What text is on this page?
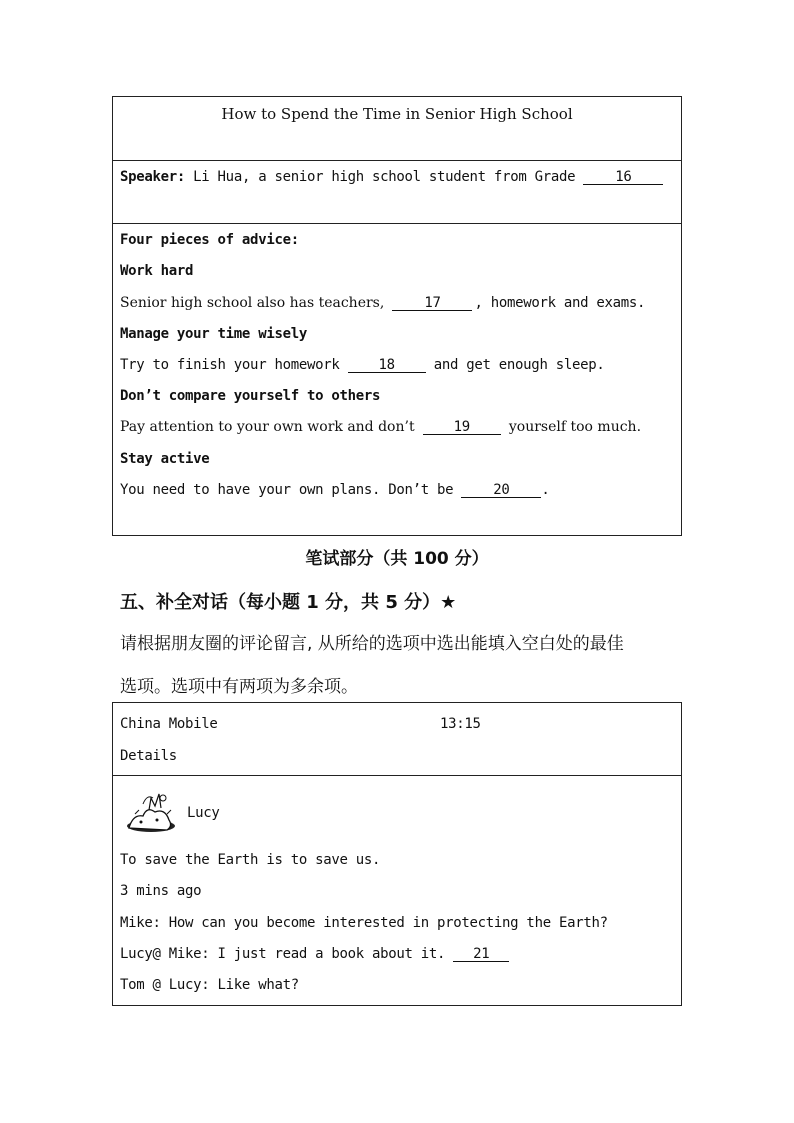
How to Spend the Time in Senior High School
Speaker: Li Hua, a senior high school student from Grade	16
Four pieces of advice:
Work hard
Senior high school also has teachers,	17 , homework and exams.
Manage your time wisely
Try to finish your homework	18	and get enough sleep.
Don’t compare yourself to others
Pay attention to your own work and don’t	19	yourself too much.
Stay active
You need to have your own plans. Don’t be	20 .
笔试部分（共 100 分）
五、补全对话（每小题 1 分，共 5 分）★
请根据朋友圈的评论留言, 从所给的选项中选出能填入空白处的最佳
选项。选项中有两项为多余项。
China Mobile	13:15
Details
Lucy
To save the Earth is to save us.
3 mins ago
Mike: How can you become interested in protecting the Earth?
Lucy@ Mike: I just read a book about it. 21
Tom @ Lucy: Like what?
